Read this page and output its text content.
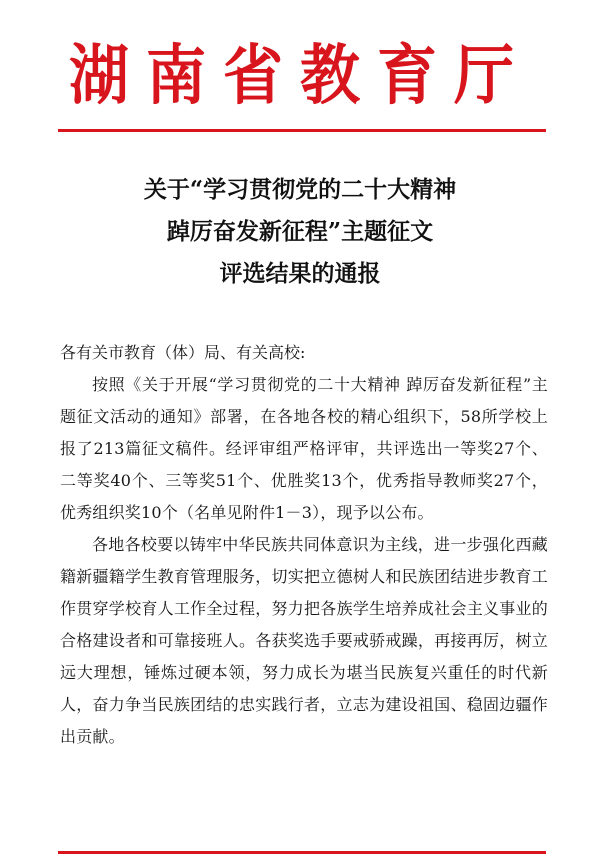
湖南省教育厅
关于“学习贯彻党的二十大精神
踔厉奋发新征程”主题征文
评选结果的通报

各有关市教育（体）局、有关高校:

按照《关于开展“学习贯彻党的二十大精神 踔厉奋发新征程”主题征文活动的通知》部署，在各地各校的精心组织下，58所学校上报了213篇征文稿件。经评审组严格评审，共评选出一等奖27个、二等奖40个、三等奖51个、优胜奖13个，优秀指导教师奖27个，优秀组织奖10个（名单见附件1－3），现予以公布。

各地各校要以铸牢中华民族共同体意识为主线，进一步强化西藏籍新疆籍学生教育管理服务，切实把立德树人和民族团结进步教育工作贯穿学校育人工作全过程，努力把各族学生培养成社会主义事业的合格建设者和可靠接班人。各获奖选手要戒骄戒躁，再接再厉，树立远大理想，锤炼过硬本领，努力成长为堪当民族复兴重任的时代新人，奋力争当民族团结的忠实践行者，立志为建设祖国、稳固边疆作出贡献。
